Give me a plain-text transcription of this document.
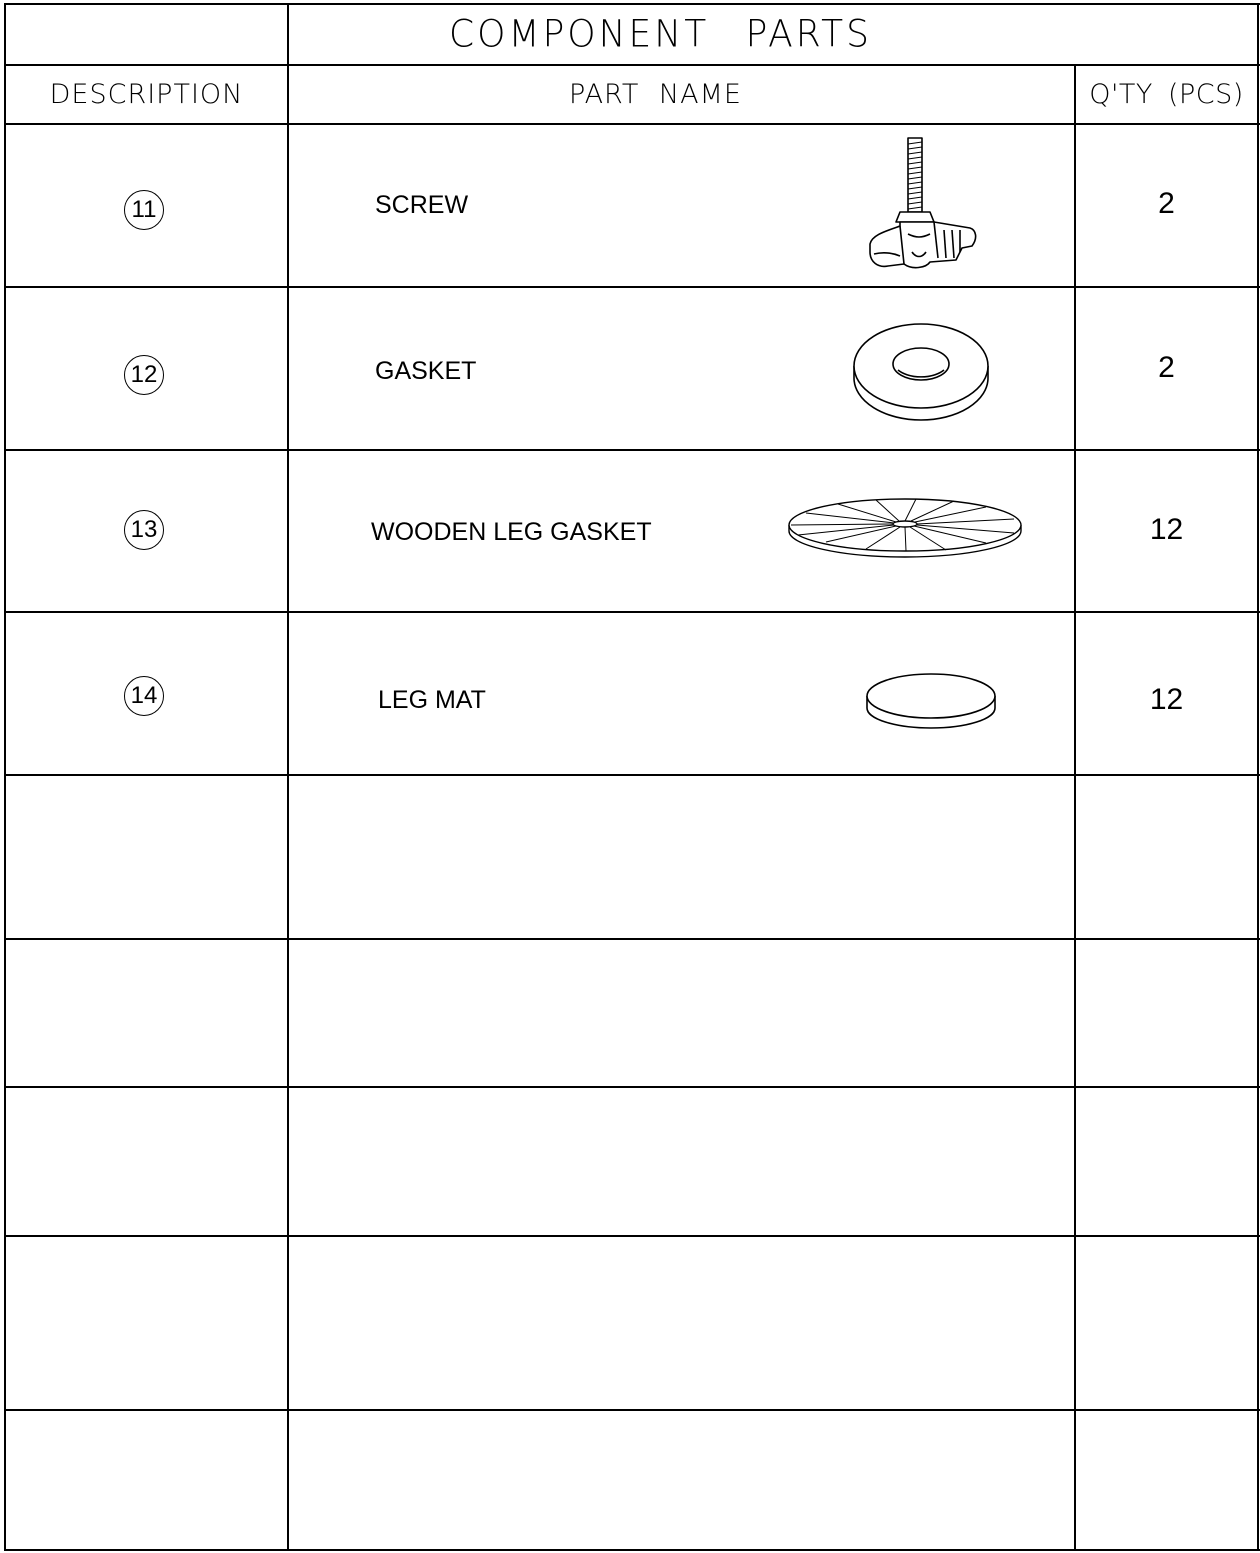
COMPONENT PARTS
DESCRIPTION	PART NAME	Q'TY (PCS)
11	SCREW	2
12	GASKET	2
13	WOODEN LEG GASKET	12
14	LEG MAT	12
